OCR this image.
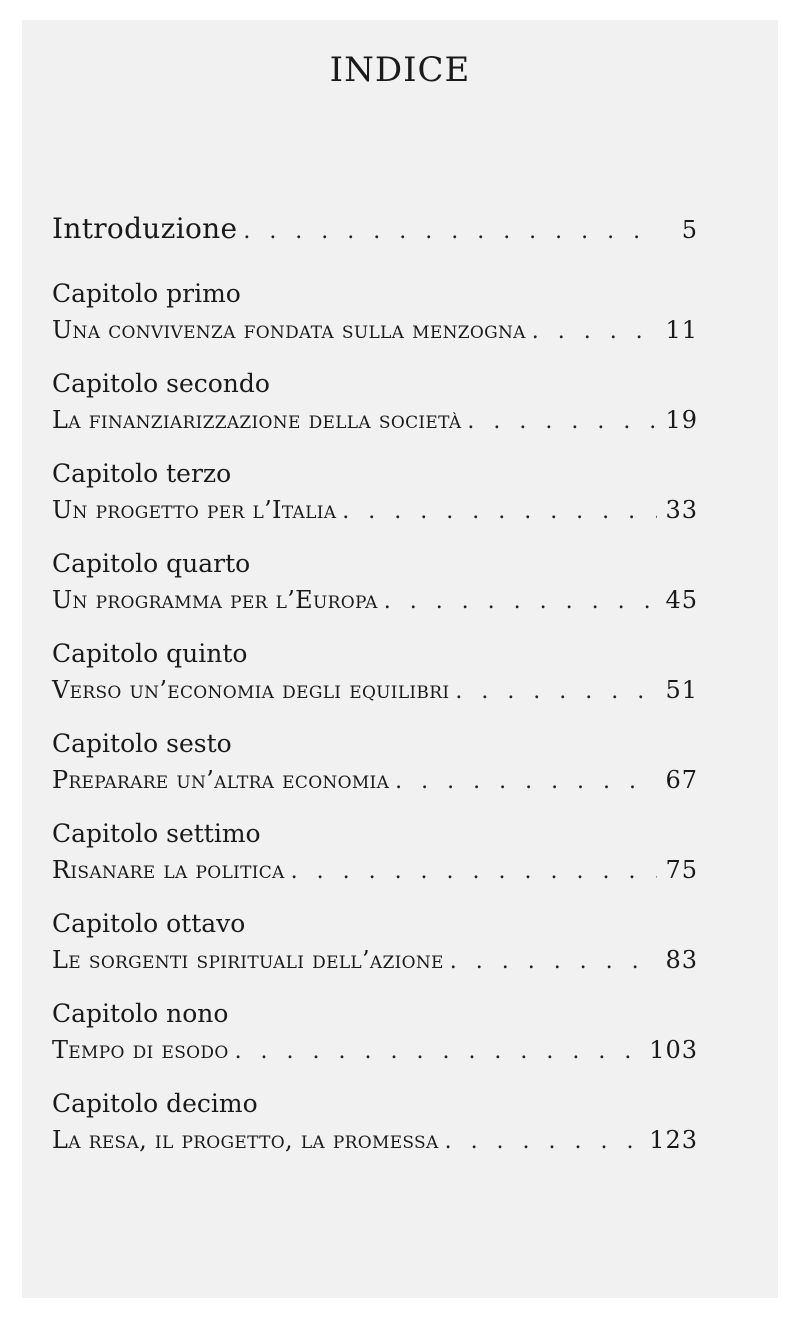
INDICE
Introduzione . . .	5
Capitolo primo
Una convivenza fondata sulla menzogna . . .	11
Capitolo secondo
La finanziarizzazione della società . . .	19
Capitolo terzo
Un progetto per l’Italia . . .	33
Capitolo quarto
Un programma per l’Europa . . .	45
Capitolo quinto
Verso un’economia degli equilibri . . .	51
Capitolo sesto
Preparare un’altra economia . . .	67
Capitolo settimo
Risanare la politica . . .	75
Capitolo ottavo
Le sorgenti spirituali dell’azione . . .	83
Capitolo nono
Tempo di esodo . . .	103
Capitolo decimo
La resa, il progetto, la promessa . . .	123
